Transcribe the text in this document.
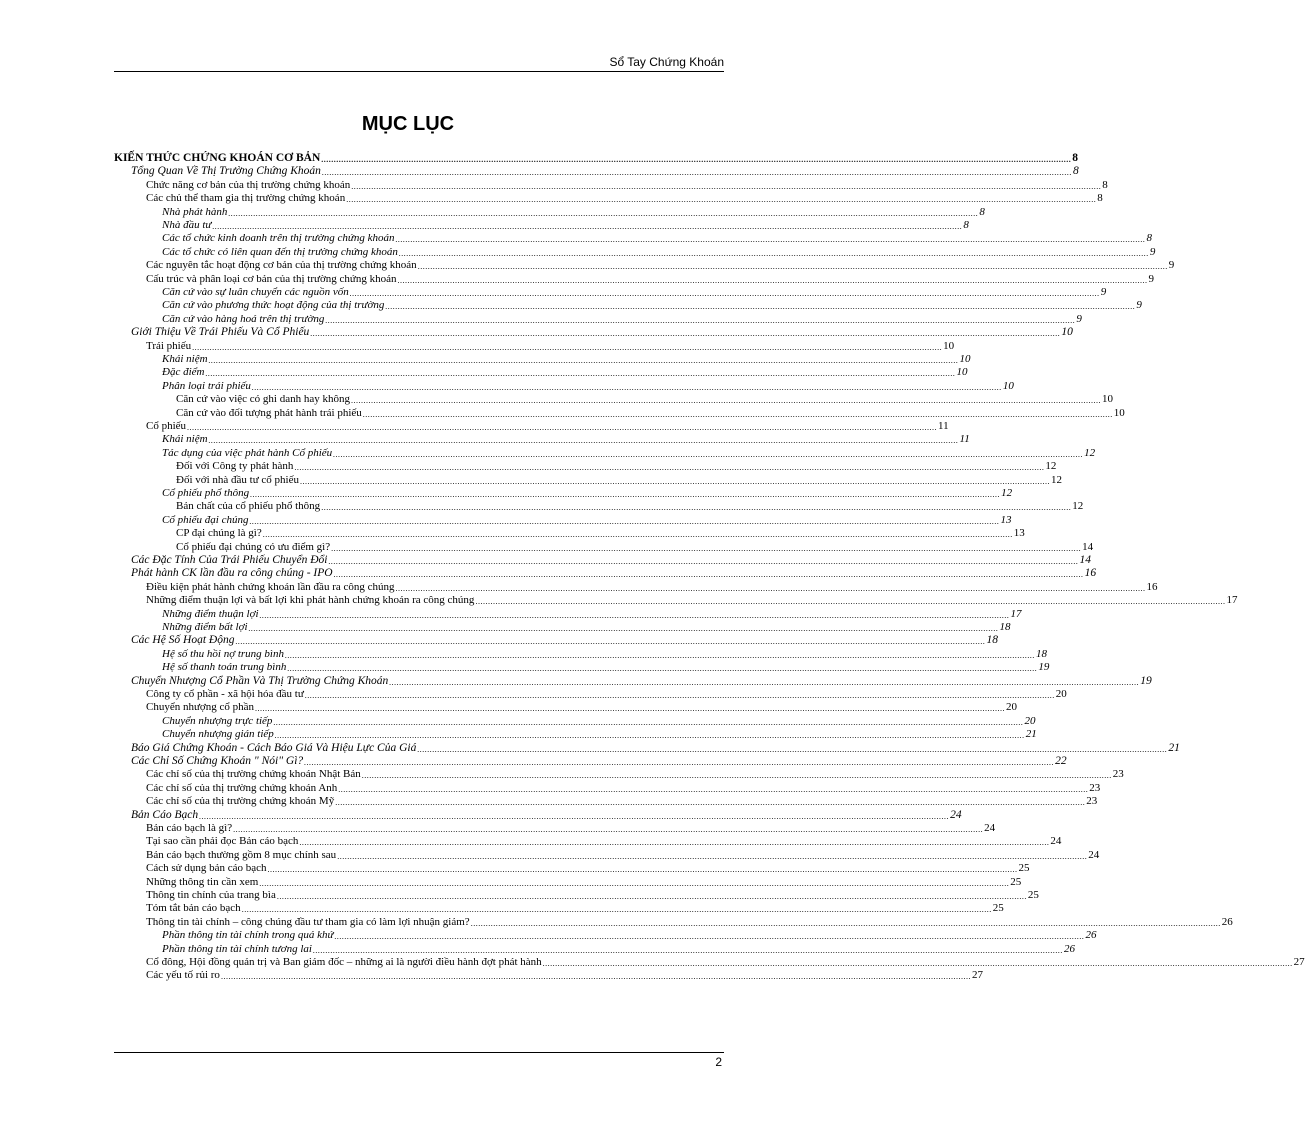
Sổ Tay Chứng Khoán
MỤC LỤC
KIẾN THỨC CHỨNG KHOÁN CƠ BẢN ............................................................................................................................................................................................................................................................................................................ 8
Tổng Quan Về Thị Trường Chứng Khoán ............................................................................................................................................................................................................................................................................................................ 8
Chức năng cơ bản của thị trường chứng khoán ............................................................................................................................................................................................................................................................................................................ 8
Các chủ thể tham gia thị trường chứng khoán ............................................................................................................................................................................................................................................................................................................ 8
Nhà phát hành ............................................................................................................................................................................................................................................................................................................ 8
Nhà đầu tư ............................................................................................................................................................................................................................................................................................................ 8
Các tổ chức kinh doanh trên thị trường chứng khoán ............................................................................................................................................................................................................................................................................................................ 8
Các tổ chức có liên quan đến thị trường chứng khoán ............................................................................................................................................................................................................................................................................................................ 9
Các nguyên tắc hoạt động cơ bản của thị trường chứng khoán ............................................................................................................................................................................................................................................................................................................ 9
Cấu trúc và phân loại cơ bản của thị trường chứng khoán ............................................................................................................................................................................................................................................................................................................ 9
Căn cứ vào sự luân chuyển các nguồn vốn ............................................................................................................................................................................................................................................................................................................ 9
Căn cứ vào phương thức hoạt động của thị trường ............................................................................................................................................................................................................................................................................................................ 9
Căn cứ vào hàng hoá trên thị trường ............................................................................................................................................................................................................................................................................................................ 9
Giới Thiệu Về Trái Phiếu Và Cổ Phiếu ............................................................................................................................................................................................................................................................................................................ 10
Trái phiếu ............................................................................................................................................................................................................................................................................................................ 10
Khái niệm ............................................................................................................................................................................................................................................................................................................ 10
Đặc điểm ............................................................................................................................................................................................................................................................................................................ 10
Phân loại trái phiếu ............................................................................................................................................................................................................................................................................................................ 10
Căn cứ vào việc có ghi danh hay không ............................................................................................................................................................................................................................................................................................................ 10
Căn cứ vào đối tượng phát hành trái phiếu ............................................................................................................................................................................................................................................................................................................ 10
Cổ phiếu ............................................................................................................................................................................................................................................................................................................ 11
Khái niệm ............................................................................................................................................................................................................................................................................................................ 11
Tác dụng của việc phát hành Cổ phiếu ............................................................................................................................................................................................................................................................................................................ 12
Đối với Công ty phát hành ............................................................................................................................................................................................................................................................................................................ 12
Đối với nhà đầu tư cổ phiếu ............................................................................................................................................................................................................................................................................................................ 12
Cổ phiếu phổ thông ............................................................................................................................................................................................................................................................................................................ 12
Bản chất của cổ phiếu phổ thông ............................................................................................................................................................................................................................................................................................................ 12
Cổ phiếu đại chúng ............................................................................................................................................................................................................................................................................................................ 13
CP đại chúng là gì? ............................................................................................................................................................................................................................................................................................................ 13
Cổ phiếu đại chúng có ưu điểm gì? ............................................................................................................................................................................................................................................................................................................ 14
Các Đặc Tính Của Trái Phiếu Chuyển Đổi ............................................................................................................................................................................................................................................................................................................ 14
Phát hành CK lần đầu ra công chúng - IPO ............................................................................................................................................................................................................................................................................................................ 16
Điều kiện phát hành chứng khoán lần đầu ra công chúng ............................................................................................................................................................................................................................................................................................................ 16
Những điểm thuận lợi và bất lợi khi phát hành chứng khoán ra công chúng ............................................................................................................................................................................................................................................................................................................ 17
Những điểm thuận lợi ............................................................................................................................................................................................................................................................................................................ 17
Những điểm bất lợi ............................................................................................................................................................................................................................................................................................................ 18
Các Hệ Số Hoạt Động ............................................................................................................................................................................................................................................................................................................ 18
Hệ số thu hồi nợ trung bình ............................................................................................................................................................................................................................................................................................................ 18
Hệ số thanh toán trung bình ............................................................................................................................................................................................................................................................................................................ 19
Chuyển Nhượng Cổ Phần Và Thị Trường Chứng Khoán ............................................................................................................................................................................................................................................................................................................ 19
Công ty cổ phần - xã hội hóa đầu tư ............................................................................................................................................................................................................................................................................................................ 20
Chuyển nhượng cổ phần ............................................................................................................................................................................................................................................................................................................ 20
Chuyển nhượng trực tiếp ............................................................................................................................................................................................................................................................................................................ 20
Chuyển nhượng gián tiếp ............................................................................................................................................................................................................................................................................................................ 21
Báo Giá Chứng Khoán - Cách Báo Giá Và Hiệu Lực Của Giá ............................................................................................................................................................................................................................................................................................................ 21
Các Chỉ Số Chứng Khoán " Nói" Gì? ............................................................................................................................................................................................................................................................................................................ 22
Các chỉ số của thị trường chứng khoán Nhật Bản ............................................................................................................................................................................................................................................................................................................ 23
Các chỉ số của thị trường chứng khoán Anh ............................................................................................................................................................................................................................................................................................................ 23
Các chỉ số của thị trường chứng khoán Mỹ ............................................................................................................................................................................................................................................................................................................ 23
Bản Cáo Bạch ............................................................................................................................................................................................................................................................................................................ 24
Bản cáo bạch là gì? ............................................................................................................................................................................................................................................................................................................ 24
Tại sao cần phải đọc Bản cáo bạch ............................................................................................................................................................................................................................................................................................................ 24
Bản cáo bạch thường gồm 8 mục chính sau ............................................................................................................................................................................................................................................................................................................ 24
Cách sử dụng bản cáo bạch ............................................................................................................................................................................................................................................................................................................ 25
Những thông tin cần xem ............................................................................................................................................................................................................................................................................................................ 25
Thông tin chính của trang bìa ............................................................................................................................................................................................................................................................................................................ 25
Tóm tắt bản cáo bạch ............................................................................................................................................................................................................................................................................................................ 25
Thông tin tài chính – công chúng đầu tư tham gia có làm lợi nhuận giảm? ............................................................................................................................................................................................................................................................................................................ 26
Phần thông tin tài chính trong quá khứ ............................................................................................................................................................................................................................................................................................................ 26
Phần thông tin tài chính tương lai ............................................................................................................................................................................................................................................................................................................ 26
Cổ đông, Hội đồng quản trị và Ban giám đốc – những ai là người điều hành đợt phát hành ............................................................................................................................................................................................................................................................................................................ 27
Các yếu tố rủi ro ............................................................................................................................................................................................................................................................................................................ 27
2
